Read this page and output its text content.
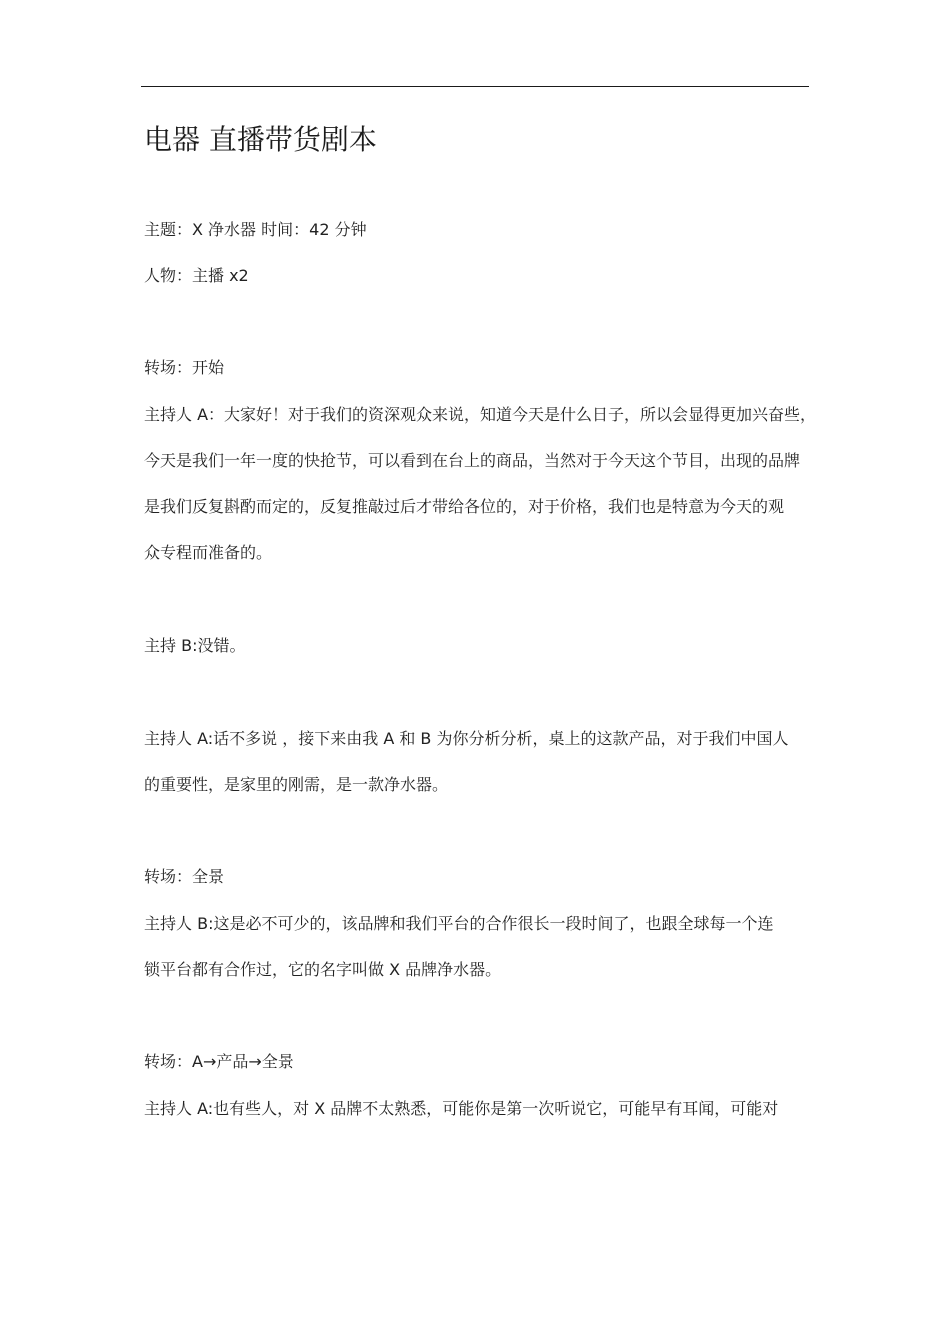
电器 直播带货剧本

主题：X 净水器 时间：42 分钟

人物：主播 x2

转场：开始

主持人 A：大家好！对于我们的资深观众来说，知道今天是什么日子，所以会显得更加兴奋些，

今天是我们一年一度的快抢节，可以看到在台上的商品，当然对于今天这个节目，出现的品牌

是我们反复斟酌而定的，反复推敲过后才带给各位的，对于价格，我们也是特意为今天的观

众专程而准备的。

主持 B:没错。

主持人 A:话不多说 ，接下来由我 A 和 B 为你分析分析，桌上的这款产品，对于我们中国人

的重要性，是家里的刚需，是一款净水器。

转场：全景

主持人 B:这是必不可少的，该品牌和我们平台的合作很长一段时间了，也跟全球每一个连

锁平台都有合作过，它的名字叫做 X 品牌净水器。

转场：A→产品→全景

主持人 A:也有些人，对 X 品牌不太熟悉，可能你是第一次听说它，可能早有耳闻，可能对
